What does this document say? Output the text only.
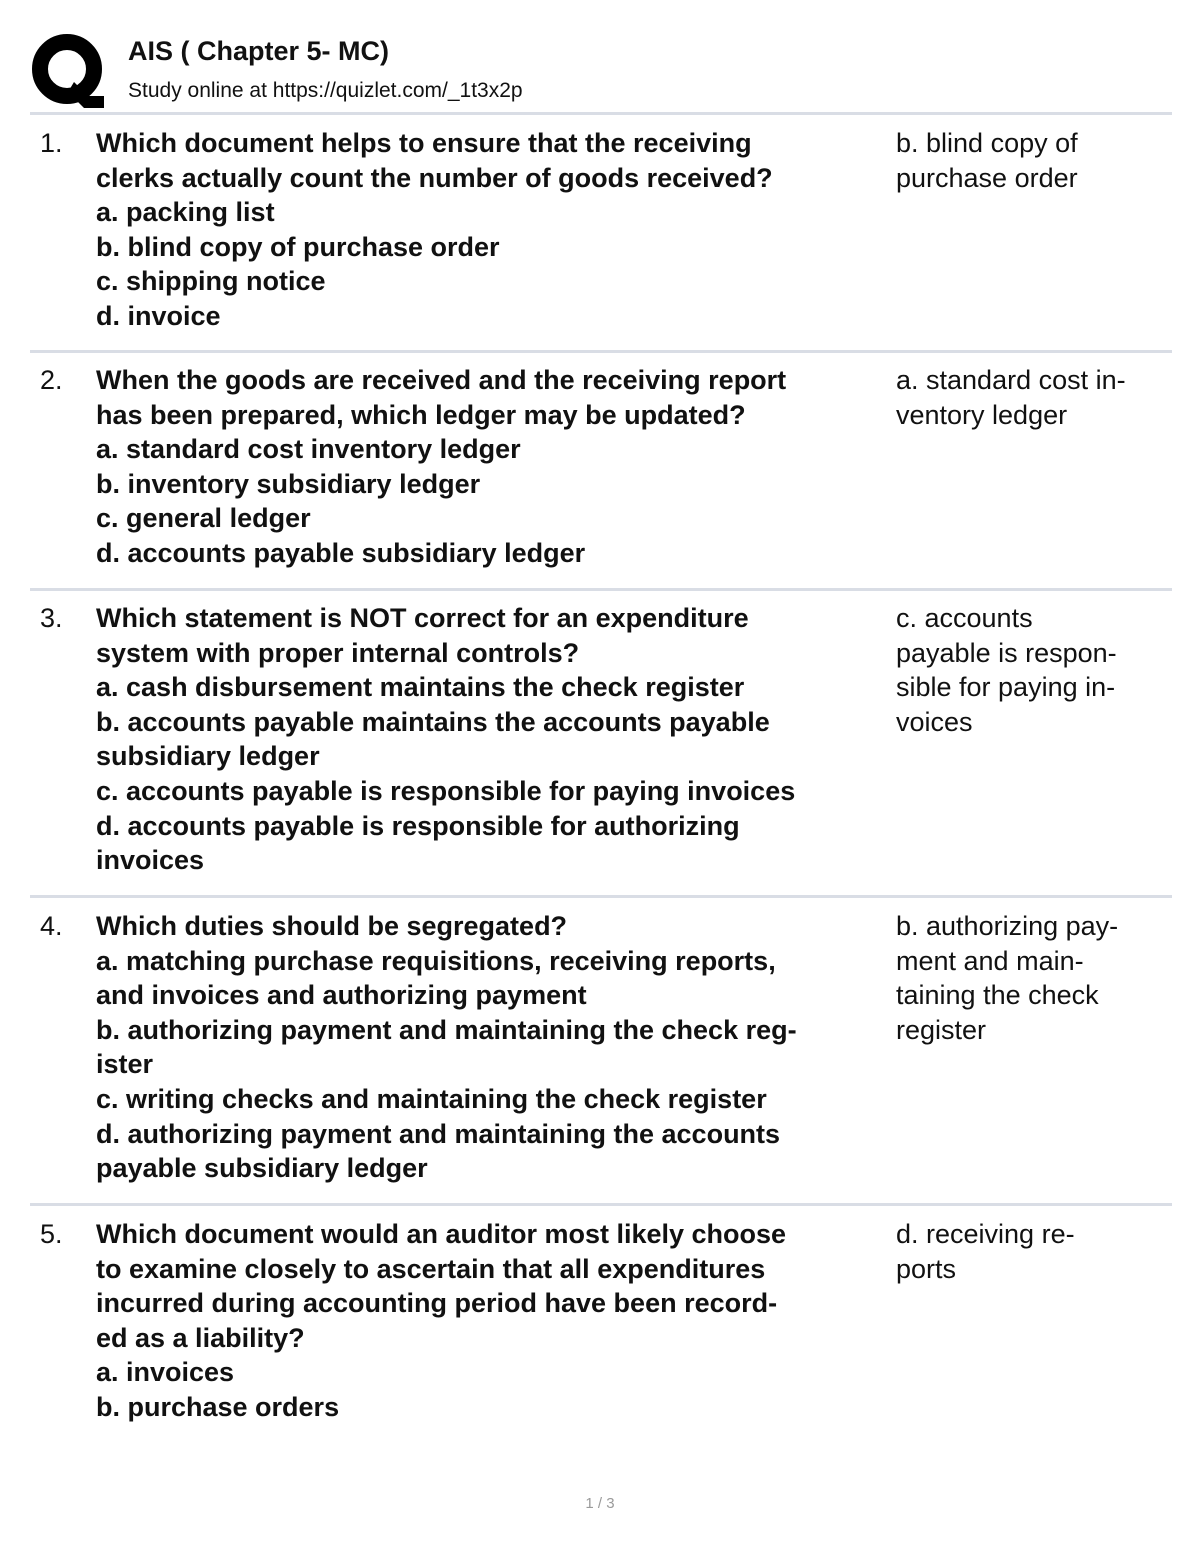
AIS ( Chapter 5- MC)
Study online at https://quizlet.com/_1t3x2p
1. Which document helps to ensure that the receiving
clerks actually count the number of goods received?
a. packing list
b. blind copy of purchase order
c. shipping notice
d. invoice
b. blind copy of
purchase order
2. When the goods are received and the receiving report
has been prepared, which ledger may be updated?
a. standard cost inventory ledger
b. inventory subsidiary ledger
c. general ledger
d. accounts payable subsidiary ledger
a. standard cost in-
ventory ledger
3. Which statement is NOT correct for an expenditure
system with proper internal controls?
a. cash disbursement maintains the check register
b. accounts payable maintains the accounts payable
subsidiary ledger
c. accounts payable is responsible for paying invoices
d. accounts payable is responsible for authorizing
invoices
c. accounts
payable is respon-
sible for paying in-
voices
4. Which duties should be segregated?
a. matching purchase requisitions, receiving reports,
and invoices and authorizing payment
b. authorizing payment and maintaining the check reg-
ister
c. writing checks and maintaining the check register
d. authorizing payment and maintaining the accounts
payable subsidiary ledger
b. authorizing pay-
ment and main-
taining the check
register
5. Which document would an auditor most likely choose
to examine closely to ascertain that all expenditures
incurred during accounting period have been record-
ed as a liability?
a. invoices
b. purchase orders
d. receiving re-
ports
1 / 3
